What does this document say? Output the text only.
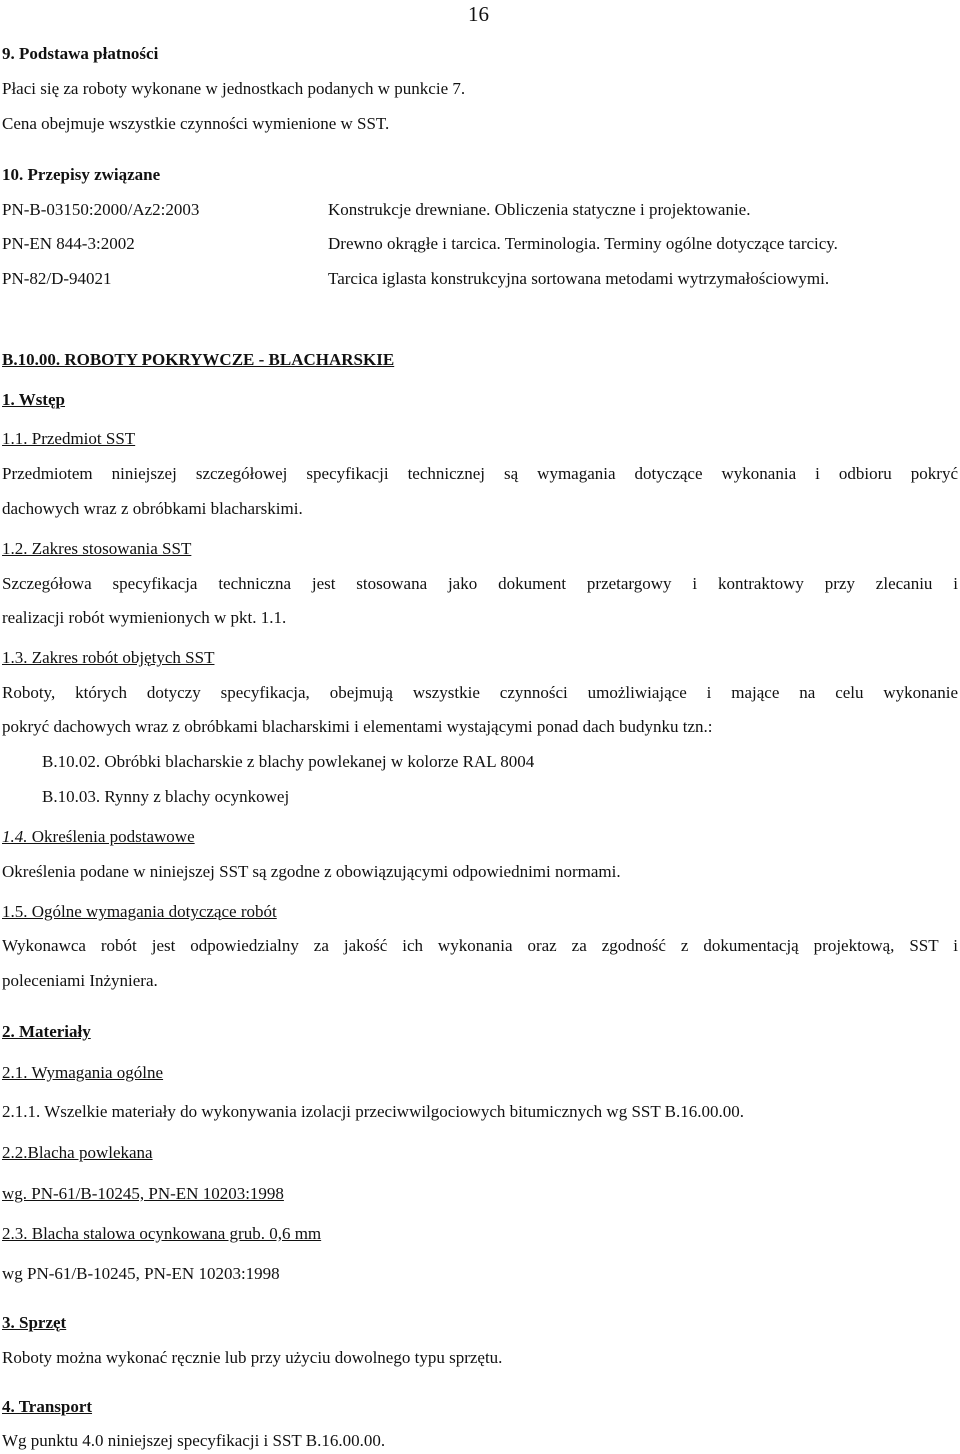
16
9. Podstawa płatności
Płaci się za roboty wykonane w jednostkach podanych w punkcie 7.
Cena obejmuje wszystkie czynności wymienione w SST.
10. Przepisy związane
PN-B-03150:2000/Az2:2003	Konstrukcje drewniane. Obliczenia statyczne i projektowanie.
PN-EN 844-3:2002	Drewno okrągłe i tarcica. Terminologia. Terminy ogólne dotyczące tarcicy.
PN-82/D-94021	Tarcica iglasta konstrukcyjna sortowana metodami wytrzymałościowymi.
B.10.00. ROBOTY POKRYWCZE - BLACHARSKIE
1. Wstęp
1.1. Przedmiot SST
Przedmiotem niniejszej szczegółowej specyfikacji technicznej są wymagania dotyczące wykonania i odbioru pokryć
dachowych wraz z obróbkami blacharskimi.
1.2. Zakres stosowania SST
Szczegółowa specyfikacja techniczna jest stosowana jako dokument przetargowy i kontraktowy przy zlecaniu i
realizacji robót wymienionych w pkt. 1.1.
1.3. Zakres robót objętych SST
Roboty, których dotyczy specyfikacja, obejmują wszystkie czynności umożliwiające i mające na celu wykonanie
pokryć dachowych wraz z obróbkami blacharskimi i elementami wystającymi ponad dach budynku tzn.:
B.10.02. Obróbki blacharskie z blachy powlekanej w kolorze RAL 8004
B.10.03. Rynny z blachy ocynkowej
1.4. Określenia podstawowe
Określenia podane w niniejszej SST są zgodne z obowiązującymi odpowiednimi normami.
1.5. Ogólne wymagania dotyczące robót
Wykonawca robót jest odpowiedzialny za jakość ich wykonania oraz za zgodność z dokumentacją projektową, SST i
poleceniami Inżyniera.
2. Materiały
2.1. Wymagania ogólne
2.1.1. Wszelkie materiały do wykonywania izolacji przeciwwilgociowych bitumicznych wg SST B.16.00.00.
2.2.Blacha powlekana
wg. PN-61/B-10245, PN-EN 10203:1998
2.3. Blacha stalowa ocynkowana grub. 0,6 mm
wg PN-61/B-10245, PN-EN 10203:1998
3. Sprzęt
Roboty można wykonać ręcznie lub przy użyciu dowolnego typu sprzętu.
4. Transport
Wg punktu 4.0 niniejszej specyfikacji i SST B.16.00.00.
